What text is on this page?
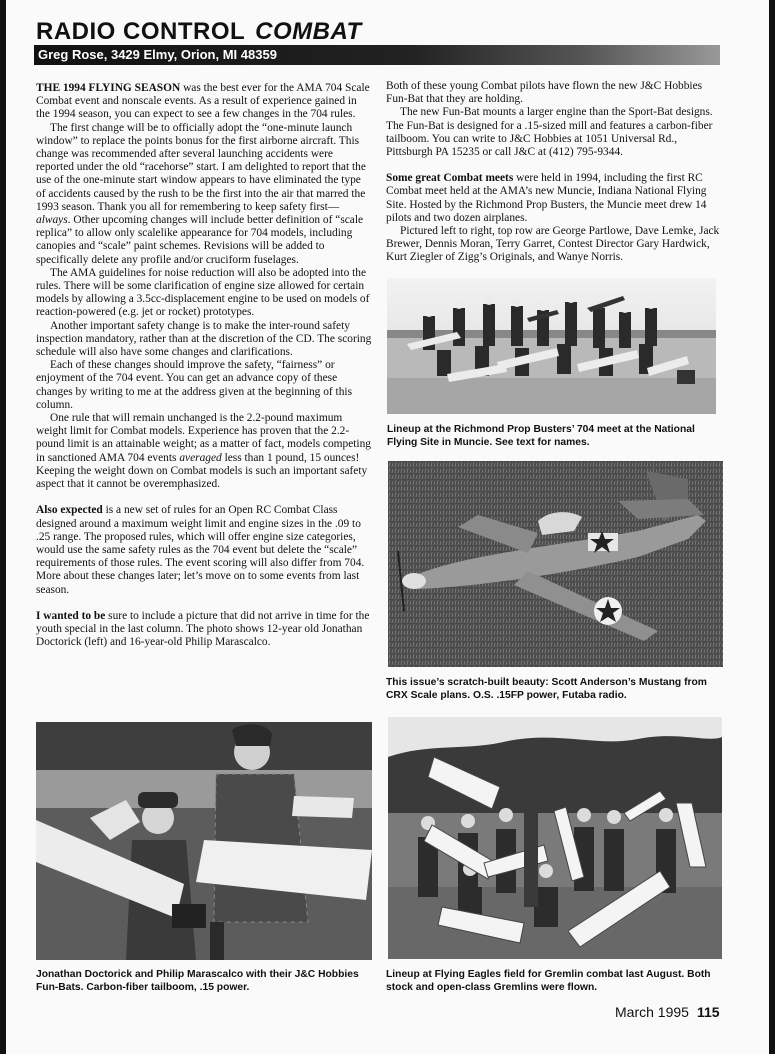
RADIO CONTROL COMBAT
Greg Rose, 3429 Elmy, Orion, MI 48359

THE 1994 FLYING SEASON was the best ever for the AMA 704 Scale Combat event and nonscale events. As a result of experience gained in the 1994 season, you can expect to see a few changes in the 704 rules.

The first change will be to officially adopt the “one-minute launch window” to replace the points bonus for the first airborne aircraft. This change was recommended after several launching accidents were reported under the old “racehorse” start. I am delighted to report that the use of the one-minute start window appears to have eliminated the type of accidents caused by the rush to be the first into the air that marred the 1993 season. Thank you all for remembering to keep safety first—always. Other upcoming changes will include better definition of “scale replica” to allow only scalelike appearance for 704 models, including canopies and “scale” paint schemes. Revisions will be added to specifically delete any profile and/or cruciform fuselages.

The AMA guidelines for noise reduction will also be adopted into the rules. There will be some clarification of engine size allowed for certain models by allowing a 3.5cc-displacement engine to be used on models of reaction-powered (e.g. jet or rocket) prototypes.

Another important safety change is to make the inter-round safety inspection mandatory, rather than at the discretion of the CD. The scoring schedule will also have some changes and clarifications.

Each of these changes should improve the safety, “fairness” or enjoyment of the 704 event. You can get an advance copy of these changes by writing to me at the address given at the beginning of this column.

One rule that will remain unchanged is the 2.2-pound maximum weight limit for Combat models. Experience has proven that the 2.2-pound limit is an attainable weight; as a matter of fact, models competing in sanctioned AMA 704 events averaged less than 1 pound, 15 ounces! Keeping the weight down on Combat models is such an important safety aspect that it cannot be overemphasized.

Also expected is a new set of rules for an Open RC Combat Class designed around a maximum weight limit and engine sizes in the .09 to .25 range. The proposed rules, which will offer engine size categories, would use the same safety rules as the 704 event but delete the “scale” requirements of those rules. The event scoring will also differ from 704. More about these changes later; let’s move on to some events from last season.

I wanted to be sure to include a picture that did not arrive in time for the youth special in the last column. The photo shows 12-year old Jonathan Doctorick (left) and 16-year-old Philip Marascalco.

Both of these young Combat pilots have flown the new J&C Hobbies Fun-Bat that they are holding.

The new Fun-Bat mounts a larger engine than the Sport-Bat designs. The Fun-Bat is designed for a .15-sized mill and features a carbon-fiber tailboom. You can write to J&C Hobbies at 1051 Universal Rd., Pittsburgh PA 15235 or call J&C at (412) 795-9344.

Some great Combat meets were held in 1994, including the first RC Combat meet held at the AMA’s new Muncie, Indiana National Flying Site. Hosted by the Richmond Prop Busters, the Muncie meet drew 14 pilots and two dozen airplanes.

Pictured left to right, top row are George Partlowe, Dave Lemke, Jack Brewer, Dennis Moran, Terry Garret, Contest Director Gary Hardwick, Kurt Ziegler of Zigg’s Originals, and Wanye Norris.

Lineup at the Richmond Prop Busters’ 704 meet at the National Flying Site in Muncie. See text for names.
This issue’s scratch-built beauty: Scott Anderson’s Mustang from CRX Scale plans. O.S. .15FP power, Futaba radio.
Jonathan Doctorick and Philip Marascalco with their J&C Hobbies Fun-Bats. Carbon-fiber tailboom, .15 power.
Lineup at Flying Eagles field for Gremlin combat last August. Both stock and open-class Gremlins were flown.
March 1995 115
